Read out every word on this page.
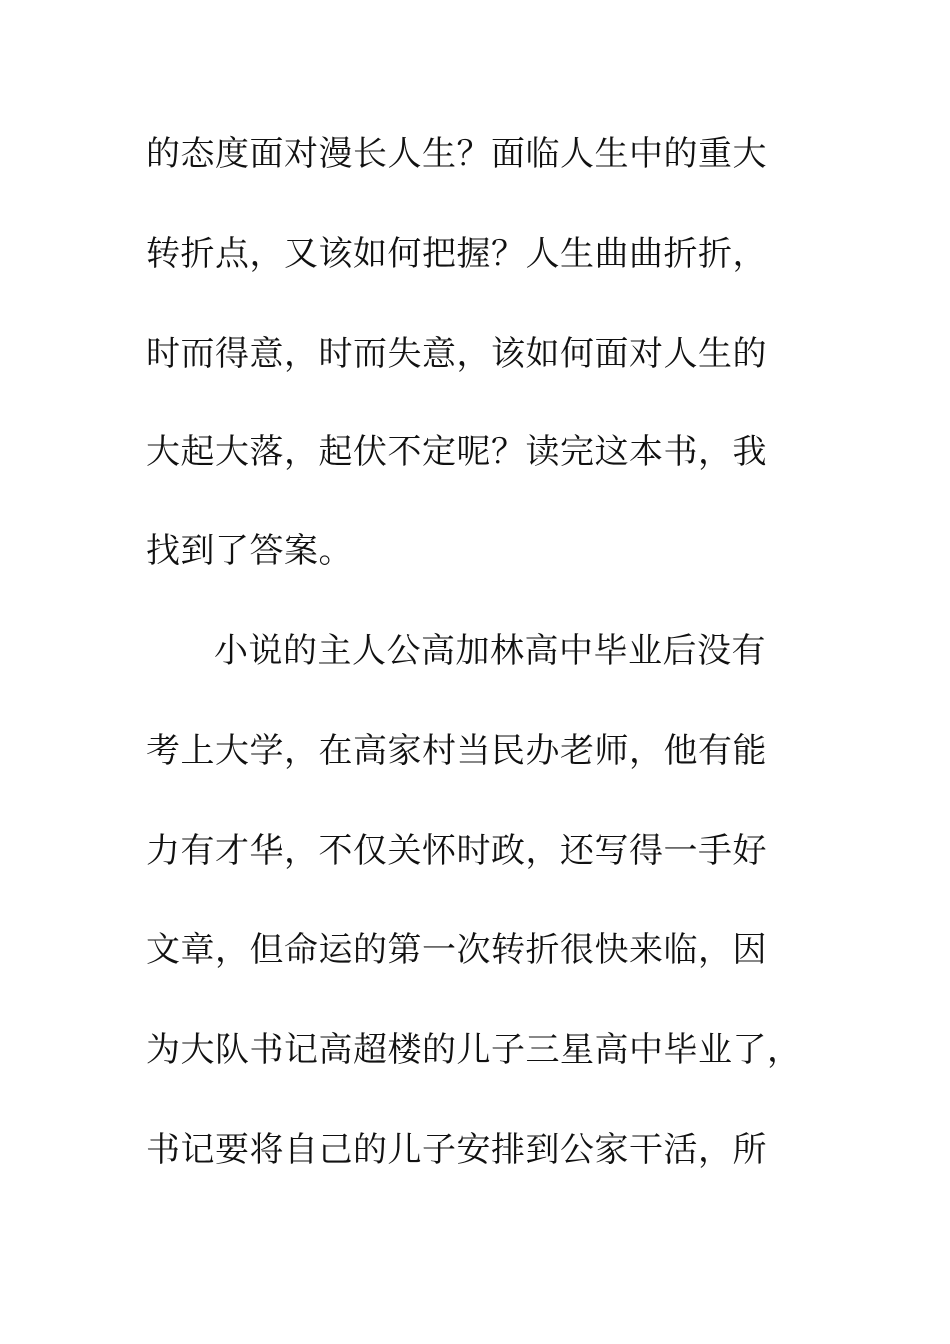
的态度面对漫长人生？面临人生中的重大
转折点，又该如何把握？人生曲曲折折，
时而得意，时而失意，该如何面对人生的
大起大落，起伏不定呢？读完这本书，我
找到了答案。
小说的主人公高加林高中毕业后没有
考上大学，在高家村当民办老师，他有能
力有才华，不仅关怀时政，还写得一手好
文章，但命运的第一次转折很快来临，因
为大队书记高超楼的儿子三星高中毕业了，
书记要将自己的儿子安排到公家干活，所
